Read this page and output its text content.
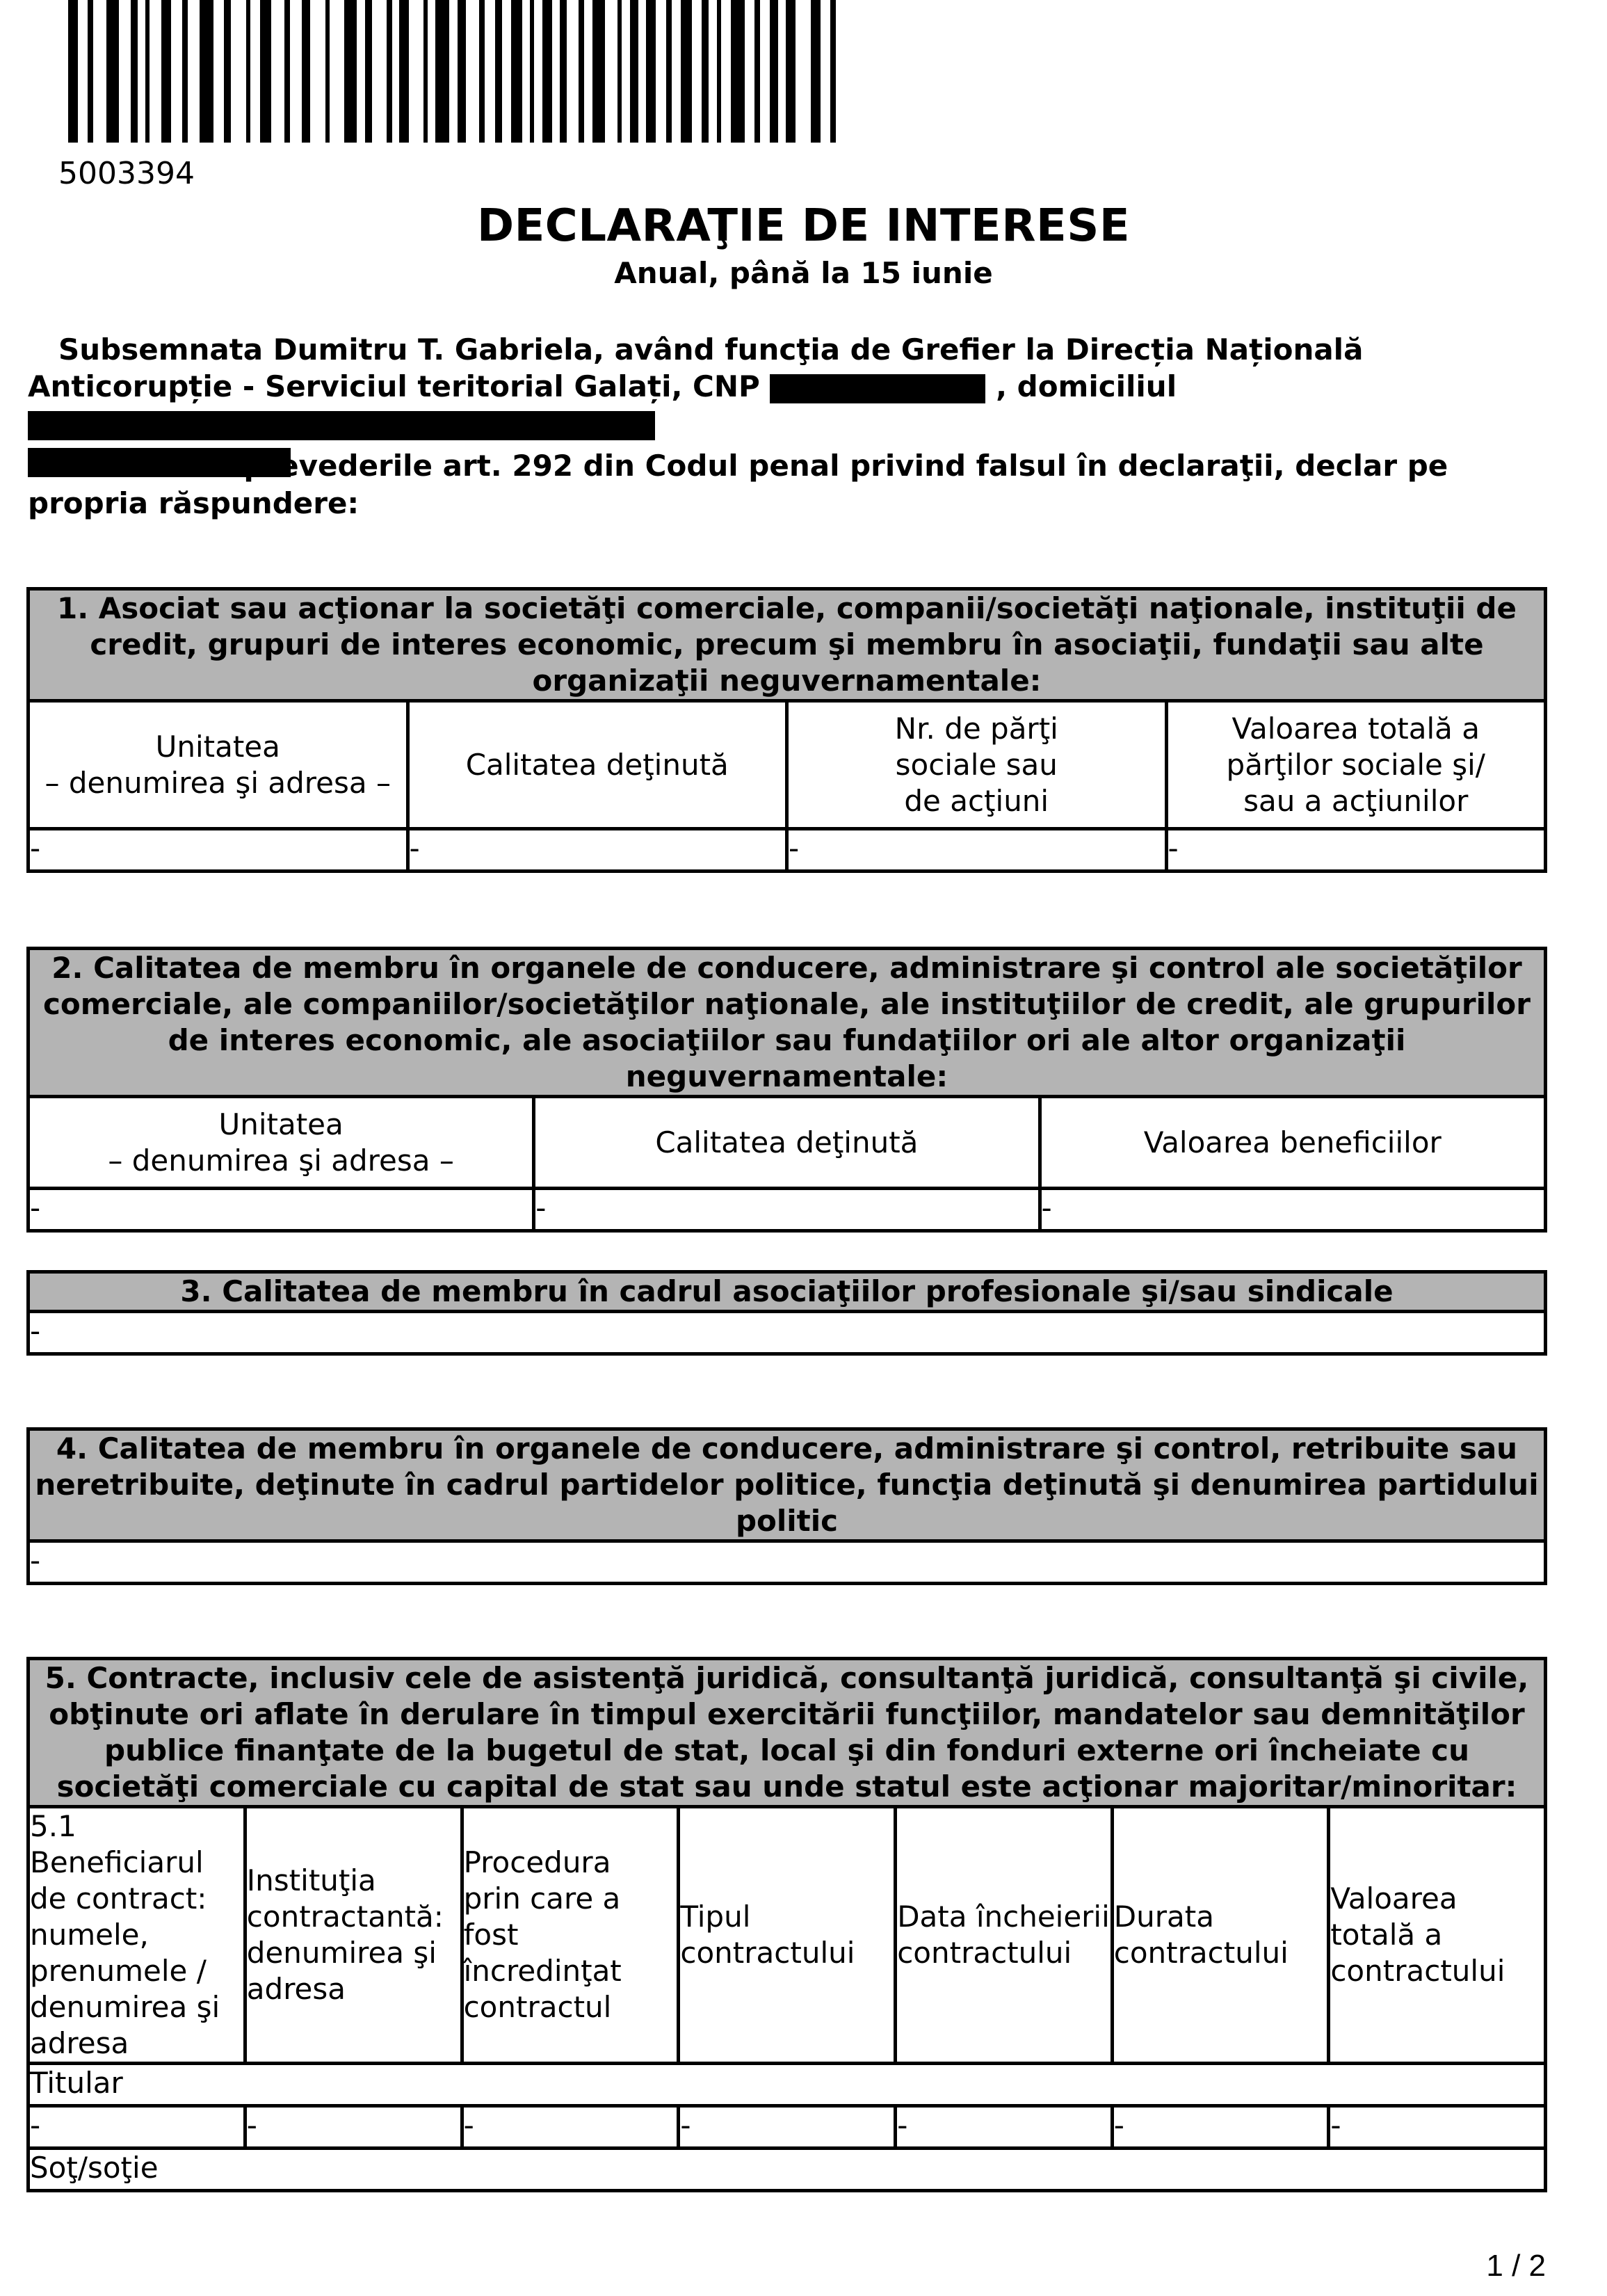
5003394
DECLARAŢIE DE INTERESE
Anual, până la 15 iunie
Subsemnata Dumitru T. Gabriela, având funcţia de Grefier la Direcția Națională Anticorupție - Serviciul teritorial Galați, CNP	, domiciliul

cunoscând prevederile art. 292 din Codul penal privind falsul în declaraţii, declar pe propria răspundere:
1. Asociat sau acţionar la societăţi comerciale, companii/societăţi naţionale, instituţii de credit, grupuri de interes economic, precum şi membru în asociaţii, fundaţii sau alte organizaţii neguvernamentale:			
Unitatea
– denumirea şi adresa –	Calitatea deţinută	Nr. de părţi
sociale sau
de acţiuni	Valoarea totală a
părţilor sociale şi/
sau a acţiunilor
-	-	-	-
2. Calitatea de membru în organele de conducere, administrare şi control ale societăţilor comerciale, ale companiilor/societăţilor naţionale, ale instituţiilor de credit, ale grupurilor de interes economic, ale asociaţiilor sau fundaţiilor ori ale altor organizaţii neguvernamentale:		
Unitatea
– denumirea şi adresa –	Calitatea deţinută	Valoarea beneficiilor
-	-	-
3. Calitatea de membru în cadrul asociaţiilor profesionale şi/sau sindicale
-
4. Calitatea de membru în organele de conducere, administrare şi control, retribuite sau neretribuite, deţinute în cadrul partidelor politice, funcţia deţinută şi denumirea partidului politic
-
5. Contracte, inclusiv cele de asistenţă juridică, consultanţă juridică, consultanţă şi civile, obţinute ori aflate în derulare în timpul exercitării funcţiilor, mandatelor sau demnităţilor publice finanţate de la bugetul de stat, local şi din fonduri externe ori încheiate cu societăţi comerciale cu capital de stat sau unde statul este acţionar majoritar/minoritar:						
5.1 Beneficiarul de contract: numele, prenumele / denumirea şi adresa	Instituţia contractantă: denumirea şi adresa	Procedura prin care a fost încredinţat contractul	Tipul contractului	Data încheierii contractului	Durata contractului	Valoarea totală a contractului
Titular						
-	-	-	-	-	-	-
Soţ/soţie						
1 / 2
